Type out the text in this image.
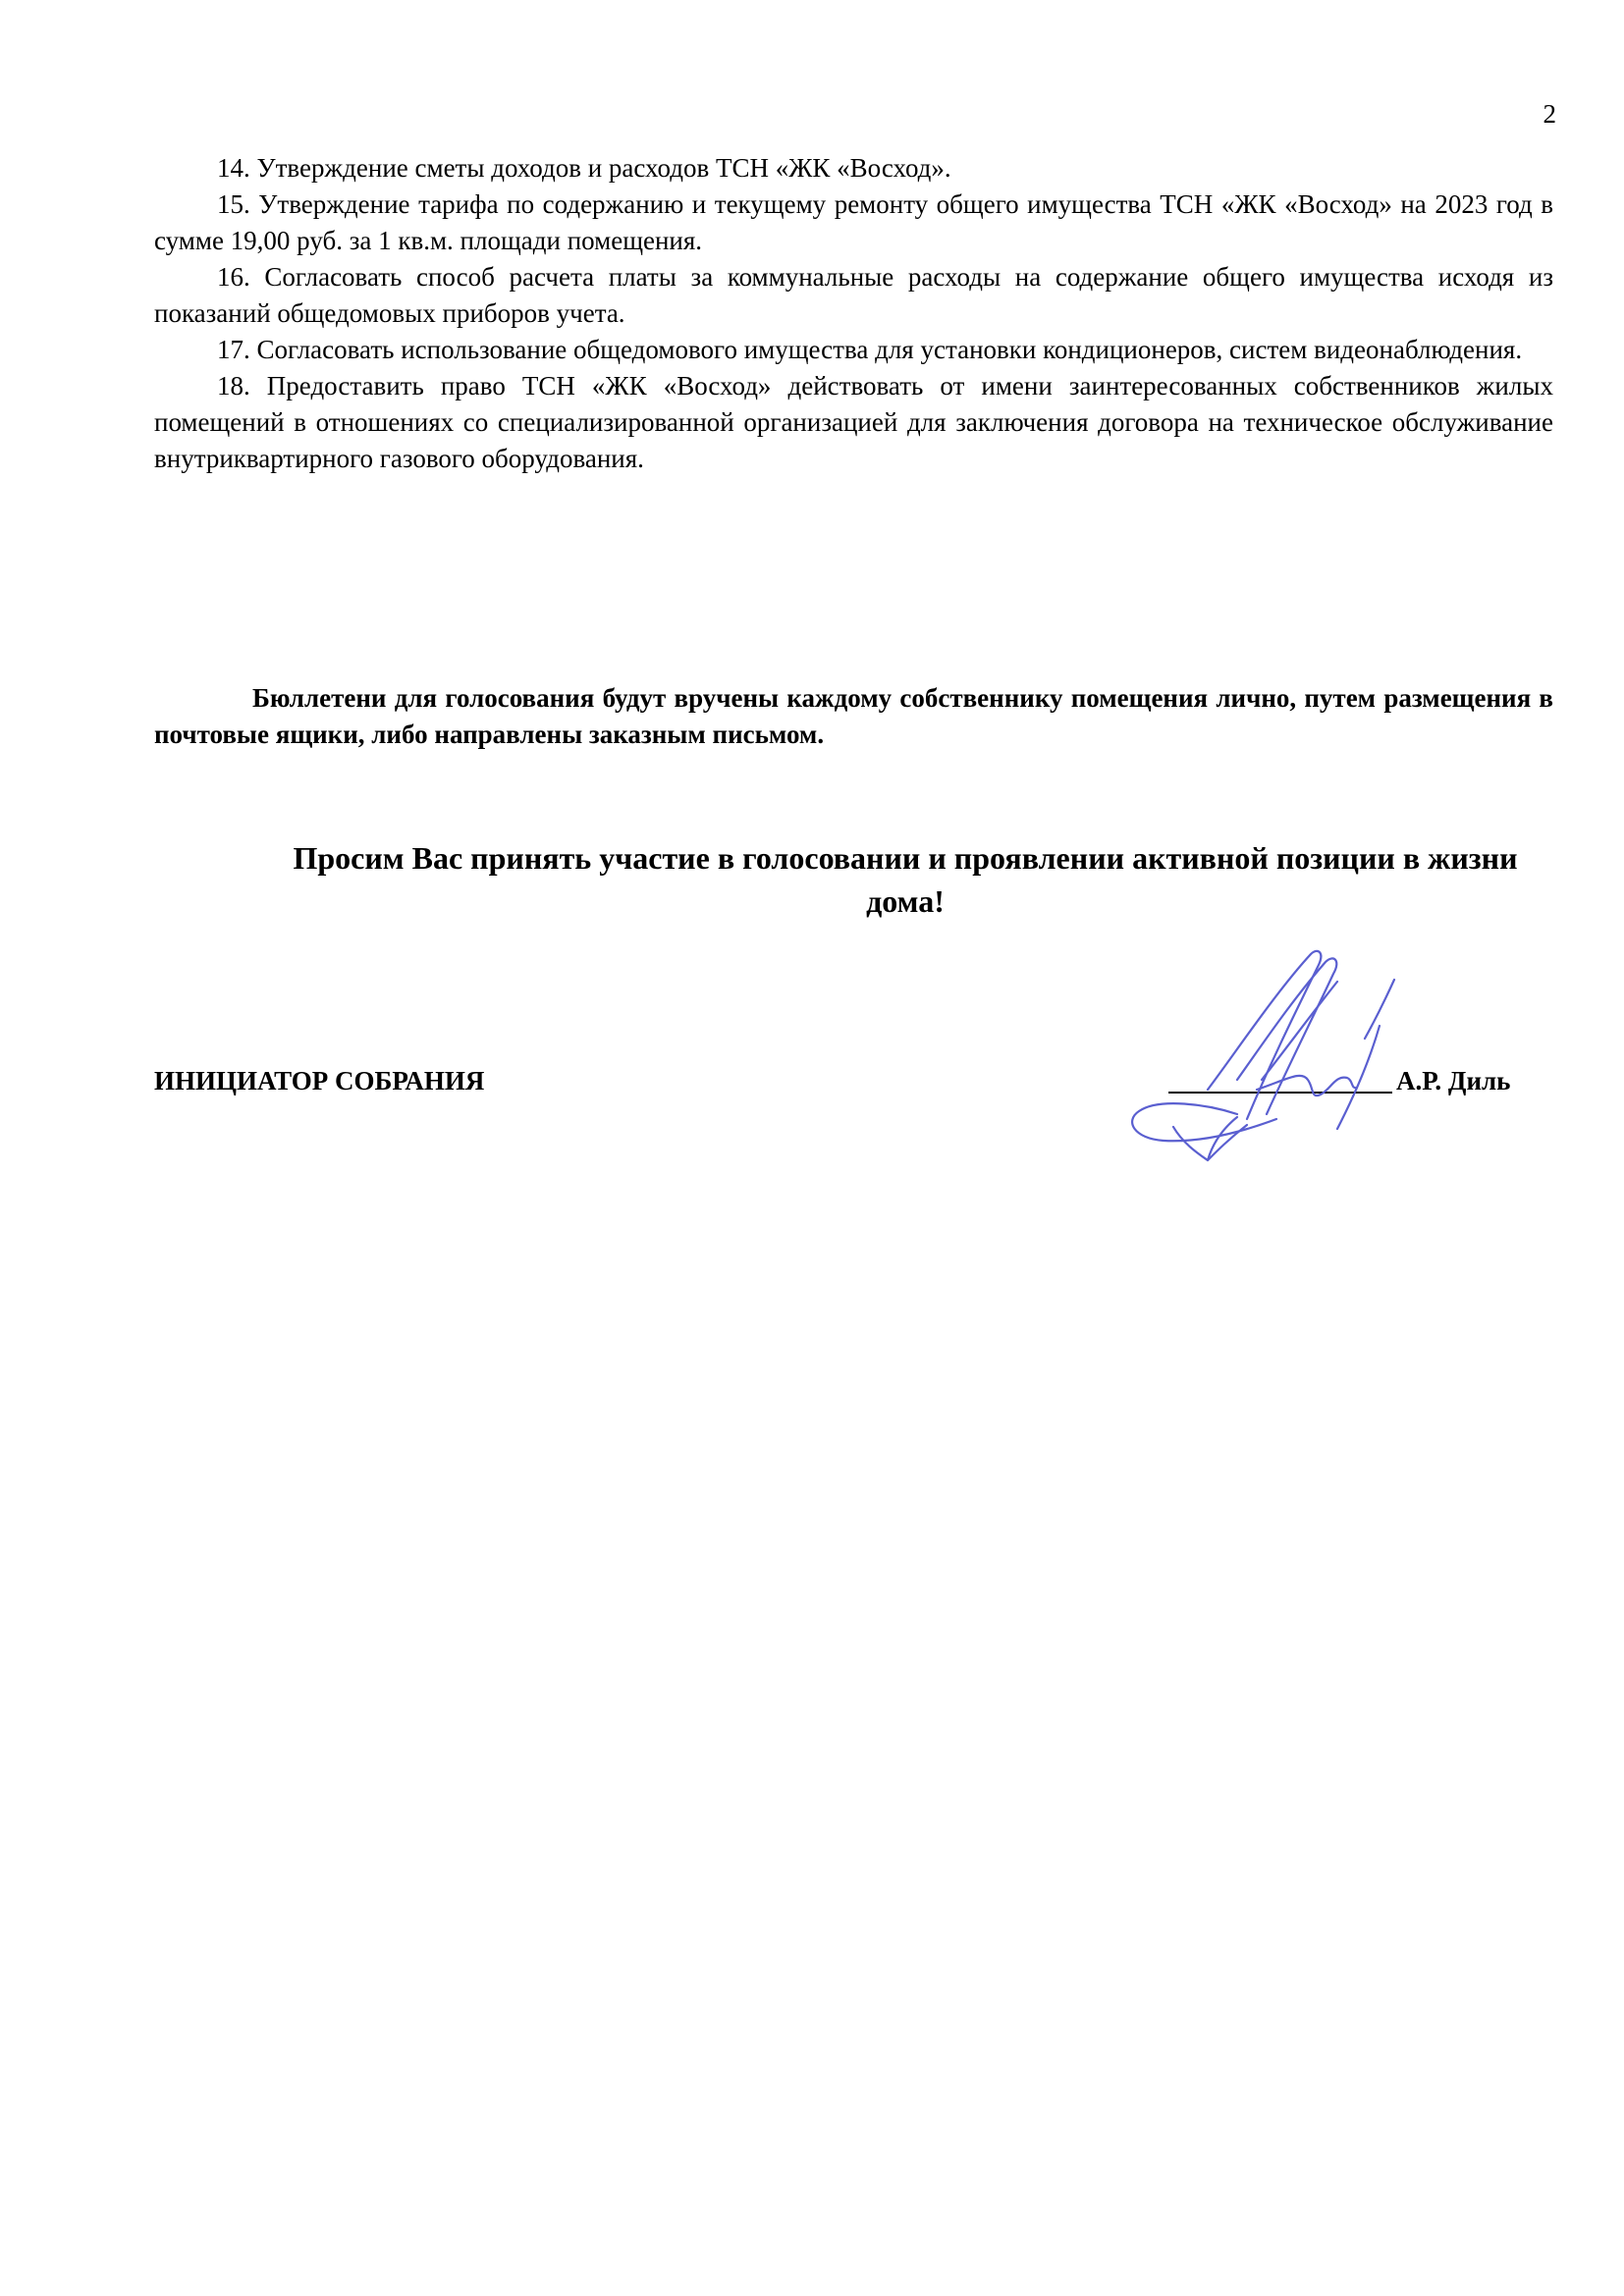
2

14. Утверждение сметы доходов и расходов ТСН «ЖК «Восход».

15. Утверждение тарифа по содержанию и текущему ремонту общего имущества ТСН «ЖК «Восход» на 2023 год в сумме 19,00 руб. за 1 кв.м. площади помещения.

16. Согласовать способ расчета платы за коммунальные расходы на содержание общего имущества исходя из показаний общедомовых приборов учета.

17. Согласовать использование общедомового имущества для установки кондиционеров, систем видеонаблюдения.

18. Предоставить право ТСН «ЖК «Восход» действовать от имени заинтересованных собственников жилых помещений в отношениях со специализированной организацией для заключения договора на техническое обслуживание внутриквартирного газового оборудования.

Бюллетени для голосования будут вручены каждому собственнику помещения лично, путем размещения в почтовые ящики, либо направлены заказным письмом.

Просим Вас принять участие в голосовании и проявлении активной позиции в жизни дома!

ИНИЦИАТОР СОБРАНИЯ	А.Р. Диль
